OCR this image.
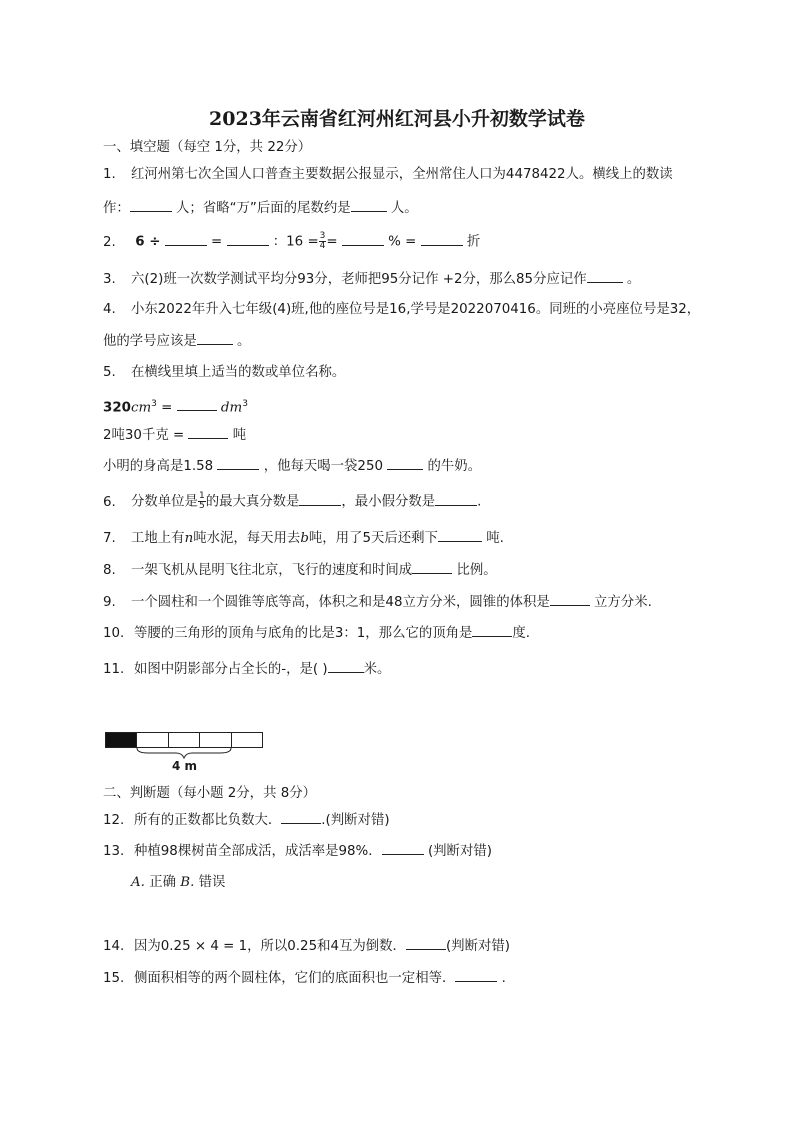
2023年云南省红河州红河县小升初数学试卷
一、填空题（每空 1分，共 22分）
1. 红河州第七次全国人口普查主要数据公报显示，全州常住人口为4478422人。横线上的数读
作：	人；省略“万”后面的尾数约是	人。
2. 6 ÷	=	：$16 = \frac{3}{4}$ =	% =	折
3. 六(2)班一次数学测试平均分93分，老师把95分记作 +2分，那么85分应记作	。
4. 小东2022年升入七年级(4)班,他的座位号是16,学号是2022070416。同班的小亮座位号是32，
他的学号应该是	。
5. 在横线里填上适当的数或单位名称。
$320cm^3$ =	$dm^3$
2吨30千克 =	吨
小明的身高是1.58	，他每天喝一袋250	的牛奶。
6. 分数单位是 $\frac{1}{5}$ 的最大真分数是	，最小假分数是	.
7. 工地上有n吨水泥，每天用去b吨，用了5天后还剩下	吨.
8. 一架飞机从昆明飞往北京，飞行的速度和时间成	比例。
9. 一个圆柱和一个圆锥等底等高，体积之和是48立方分米，圆锥的体积是	立方分米.
10. 等腰的三角形的顶角与底角的比是3：1，那么它的顶角是	度.
11. 如图中阴影部分占全长的-，是( )	米。
4 m
二、判断题（每小题 2分，共 8分）
12. 所有的正数都比负数大．	.(判断对错)
13. 种植98棵树苗全部成活，成活率是98%．	(判断对错)
A. 正确 B. 错误
14. 因为0.25 × 4 = 1，所以0.25和4互为倒数．	(判断对错)
15. 侧面积相等的两个圆柱体，它们的底面积也一定相等．	.
